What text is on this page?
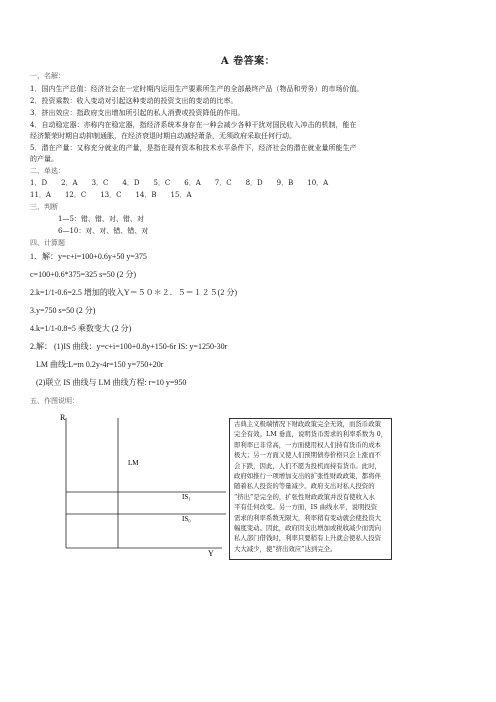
A 卷答案：
一、名解：
1．国内生产总值：经济社会在一定时期内运用生产要素所生产的全部最终产品（物品和劳务）的市场价值。
2．投资乘数：收入变动对引起这种变动的投资支出的变动的比率。
3．挤出效应：指政府支出增加所引起的私人消费或投资降低的作用。
4．自动稳定器：亦称内在稳定器，指经济系统本身存在一种会减少各种干扰对国民收入冲击的机制，能在
经济繁荣时期自动抑制通胀，在经济衰退时期自动减轻萧条，无须政府采取任何行动。
5．潜在产量：又称充分就业的产量，是指在现有资本和技术水平条件下，经济社会的潜在就业量所能生产
的产量。
二、单选：
1．D　　2．A　　3．C　　4．D　　5．C　　6．A　　7．C　　8．D　　9．B　　10．A
11．A　　12．C　　13．C　　14．B　　15．A
三、判断
1—5：错、错、对、错、对
6—10：对、对、错、错、对
四、计算题
1．解：y=c+i=100+0.6y+50 y=375
c=100+0.6*375=325 s=50 (2 分)
2.k=1/1-0.6=2.5 增加的收入Y＝５０＊２．５＝１２５(2 分)
3.y=750 s=50 (2 分)
4.k=1/1-0.8=5 乘数变大 (2 分)
2.解： (1)IS 曲线：y=c+i=100+0.8y+150-6r IS: y=1250-30r
LM 曲线:L=m 0.2y-4r=150 y=750+20r
(2)联立 IS 曲线与 LM 曲线方程: r=10 y=950
五、作图说明：
R
Y
LM
IS₁
IS₀
古典主义极端情况下财政政策完全无效，而货币政策
完全有效。LM 垂直，说明货币需求的利率系数为 0，
即利率已非常高，一方面使用权人们持有货币的成本
极大；另一方面又使人们预期债券价格只会上涨而不
会下跌，因此，人们不愿为投机而持有货币。此时，
政府如推行一项增加支出的扩张性财政政策，都将伴
随着私人投资的等量减少。政府支出对私人投资的
“挤出”是完全的，扩张性财政政策并没有使收入水
平有任何改变。另一方面，IS 曲线水平，说明投资
需求的利率系数无限大，利率稍有变动就会使投资大
幅度变动。因此，政府因支出增加或税收减少而需向
私人部门借钱时，利率只要稍有上升就会使私人投资
大大减少，使“挤出效应”达到完全。
